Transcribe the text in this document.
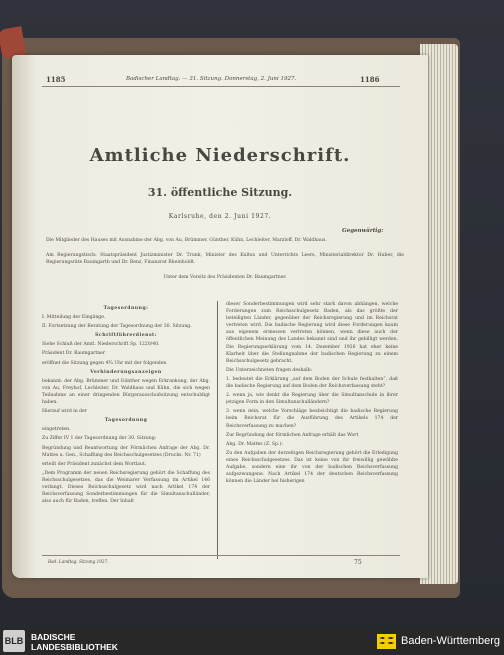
1185	Badischer Landtag. — 31. Sitzung. Donnerstag, 2. Juni 1927.	1186
Amtliche Niederschrift.
31. öffentliche Sitzung.
Karlsruhe, den 2. Juni 1927.
Gegenwärtig:
Die Mitglieder des Hauses mit Ausnahme der Abg. von Au, Brümmer, Günther, Kühn, Lechleiter, Marzloff, Dr. Waldhaus.
Am Regierungstisch: Staatspräsident Justizminister Dr. Trunk, Minister des Kultus und Unterrichts Leers, Ministerialdirektor Dr. Huber, die Regierungsräte Baumgarth und Dr. Benz, Finanzrat Rheinholdt.
Unter dem Vorsitz des Präsidenten Dr. Baumgartner.
Tagesordnung:
I. Mitteilung der Eingänge.
II. Fortsetzung der Beratung der Tagesordnung der 30. Sitzung.
Schriftführerdienst:
Siehe Schluß der Amtl. Niederschrift Sp. 1220/40.
Präsident Dr. Baumgartner
eröffnet die Sitzung gegen 4¾ Uhr mit der folgenden
Verhinderungsanzeigen
bekannt: der Abg. Brümmer und Günther wegen Erkrankung, der Abg. von Au, Freyhof, Lechleiter, Dr. Waldhaus und Kühn, die sich wegen Teilnahme an einer dringenden Bürgerausschußsitzung entschuldigt haben.
Hierauf wird in der
Tagesordnung
eingetreten.
Zu Ziffer IV 1 der Tagesordnung der 30. Sitzung:
Begründung und Beantwortung der Förmlichen Anfrage der Abg. Dr. Mattes u. Gen., Schaffung des Reichsschulgesetzes (Drucks. Nr. 71)
erteilt der Präsident zunächst dem Wortlaut.
„Dem Programm der neuen Reichsregierung gehört die Schaffung des Reichsschulgesetzes, das die Weimarer Verfassung im Artikel 146 verlangt. Dieses Reichsschulgesetz wird nach Artikel 174 der Reichsverfassung Sonderbestimmungen für die Simultanschulländer, also auch für Baden, treffen. Der Inhalt
dieser Sonderbestimmungen wird sehr stark davon abhängen, welche Forderungen zum Reichsschulgesetz Baden, als das größte der beteiligten Länder, gegenüber der Reichsregierung und im Reichsrat vertreten wird. Die badische Regierung wird diese Forderungen kaum aus eigenem ermessen vertreten können, wenn diese auch der öffentlichen Meinung des Landes bekannt sind und ihr gebilligt werden. Die Regierungserklärung vom 14. Dezember 1926 hat eher keine Klarheit über die Stellungnahme der badischen Regierung zu einem Reichsschulgesetz gebracht.
Die Unterzeichneten fragen deshalb:
1. bedeutet die Erklärung „auf dem Boden der Schule festhalten“, daß die badische Regierung auf dem Boden der Reichsverfassung steht?
2. wenn ja, wie denkt die Regierung über die Simultanschule in ihrer jetzigen Form in den Simultanschulländern?
3. wenn nein, welche Vorschläge beabsichtigt die badische Regierung beim Reichsrat für die Ausführung des Artikels 174 der Reichsverfassung zu machen?
Zur Begründung der förmlichen Anfrage erhält das Wort
Abg. Dr. Mattes (Z. Sp.):
Zu den Aufgaben der derzeitigen Reichsregierung gehört die Erledigung eines Reichsschulgesetzes. Das ist keine von ihr freiwillig gewählte Aufgabe, sondern eine ihr von der badischen Reichsverfassung aufgezwungene. Nach Artikel 174 der deutschen Reichsverfassung können die Länder bei bisherigen
Bad. Landtag. Sitzung 1927.	75
BLB BADISCHE
LANDESBIBLIOTHEK	Baden-Württemberg
